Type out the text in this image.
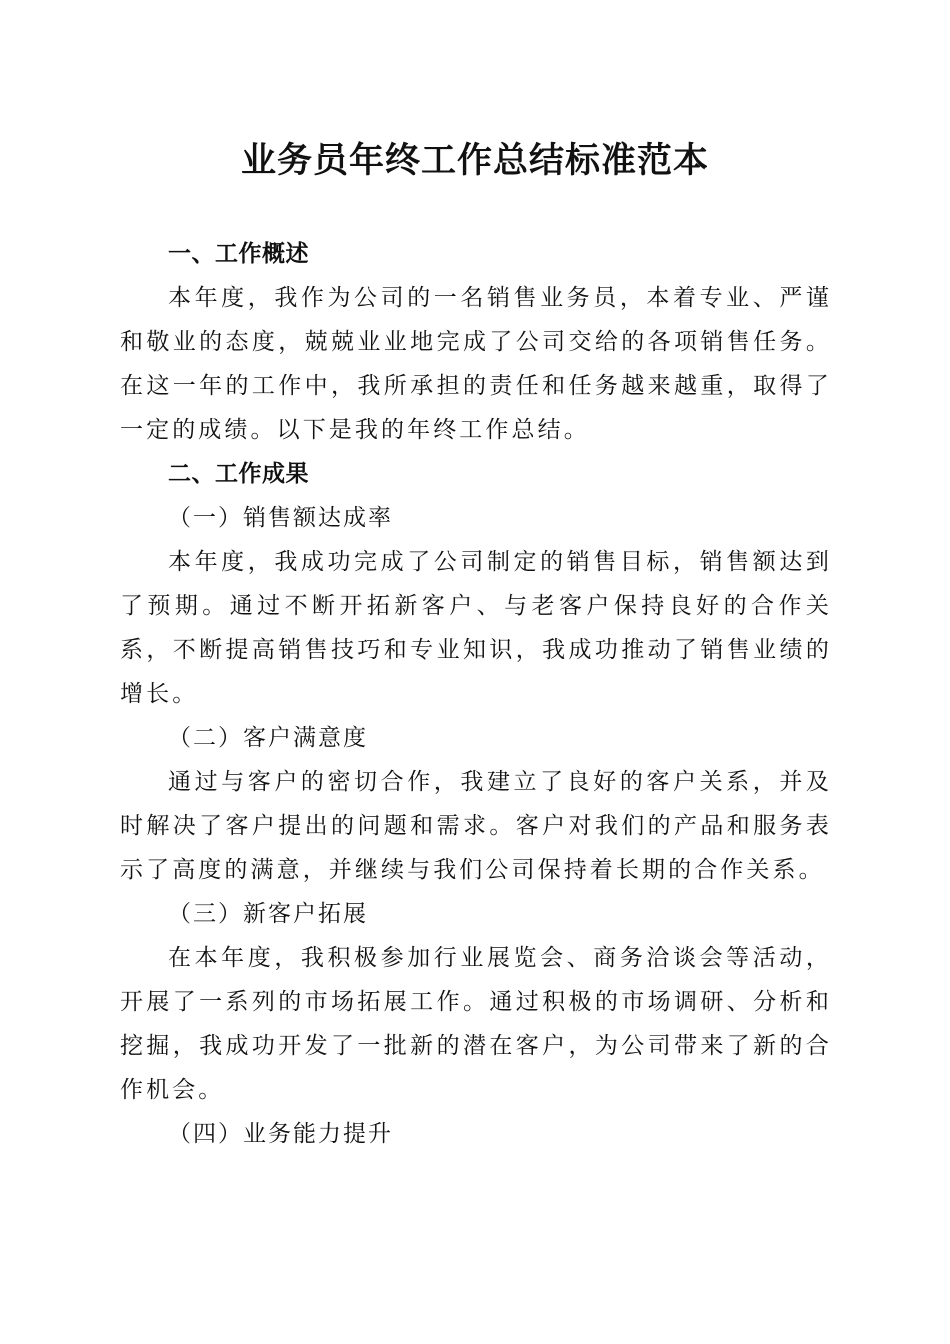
业务员年终工作总结标准范本
一、工作概述

本年度，我作为公司的一名销售业务员，本着专业、严谨和敬业的态度，兢兢业业地完成了公司交给的各项销售任务。在这一年的工作中，我所承担的责任和任务越来越重，取得了一定的成绩。以下是我的年终工作总结。

二、工作成果
（一）销售额达成率

本年度，我成功完成了公司制定的销售目标，销售额达到了预期。通过不断开拓新客户、与老客户保持良好的合作关系，不断提高销售技巧和专业知识，我成功推动了销售业绩的增长。

（二）客户满意度

通过与客户的密切合作，我建立了良好的客户关系，并及时解决了客户提出的问题和需求。客户对我们的产品和服务表示了高度的满意，并继续与我们公司保持着长期的合作关系。

（三）新客户拓展

在本年度，我积极参加行业展览会、商务洽谈会等活动，开展了一系列的市场拓展工作。通过积极的市场调研、分析和挖掘，我成功开发了一批新的潜在客户，为公司带来了新的合作机会。

（四）业务能力提升
